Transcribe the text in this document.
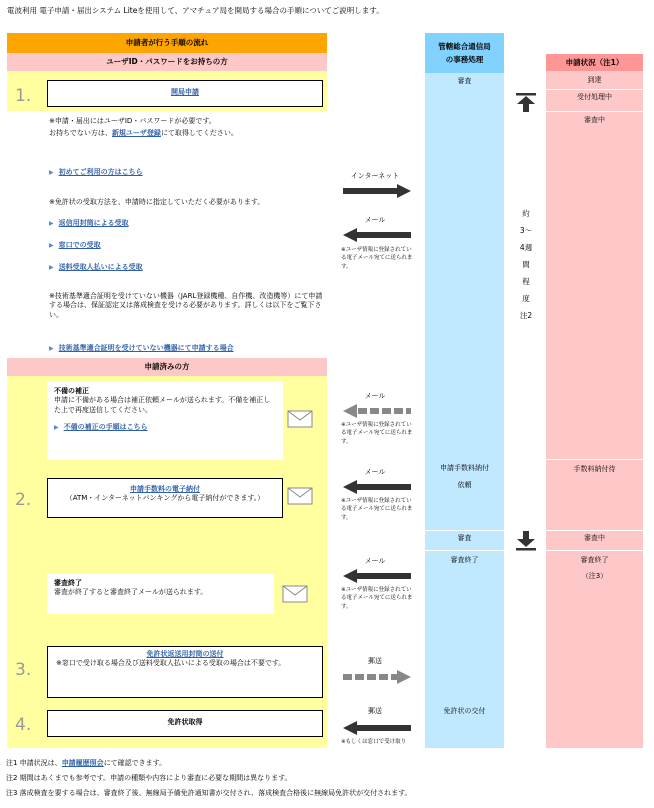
電波利用 電子申請・届出システム Liteを使用して、アマチュア局を開局する場合の手順についてご説明します。
申請者が行う手順の流れ
ユーザID・パスワードをお持ちの方
申請済みの方
管轄総合通信局
の事務処理
審査
申請手数料納付
依頼
審査
審査終了
免許状の交付
申請状況（注1）
到達
受付処理中
審査中
手数料納付待
審査中
審査終了
（注3）
約3〜4週間程度注2
1.	開局申請
※申請・届出にはユーザID・パスワードが必要です。
お持ちでない方は、新規ユーザ登録にて取得してください。
▶ 初めてご利用の方はこちら
※免許状の受取方法を、申請時に指定していただく必要があります。
▶ 返信用封筒による受取
▶ 窓口での受取
▶ 送料受取人払いによる受取
※技術基準適合証明を受けていない機器（JARL登録機種、自作機、改造機等）にて申請する場合は、保証認定又は落成検査を受ける必要があります。詳しくは以下をご覧下さい。
▶ 技術基準適合証明を受けていない機器にて申請する場合
不備の補正
申請に不備がある場合は補正依頼メールが送られます。不備を補正した上で再度送信してください。
▶ 不備の補正の手順はこちら
2.
申請手数料の電子納付
（ATM・インターネットバンキングから電子納付ができます。）
審査終了
審査が終了すると審査終了メールが送られます。
3.
免許状返送用封筒の送付
※窓口で受け取る場合及び送料受取人払いによる受取の場合は不要です。
4.	免許状取得
インターネット
メール
※ユーザ情報に登録されている電子メール宛てに送られます。
メール
※ユーザ情報に登録されている電子メール宛てに送られます。
メール
※ユーザ情報に登録されている電子メール宛てに送られます。
メール
※ユーザ情報に登録されている電子メール宛てに送られます。
郵送
郵送
※もしくは窓口で受け取り
注1 申請状況は、申請履歴照会にて確認できます。
注2 期間はあくまでも参考です。申請の種類や内容により審査に必要な期間は異なります。
注3 落成検査を要する場合は、審査終了後、無線局予備免許通知書が交付され、落成検査合格後に無線局免許状が交付されます。
